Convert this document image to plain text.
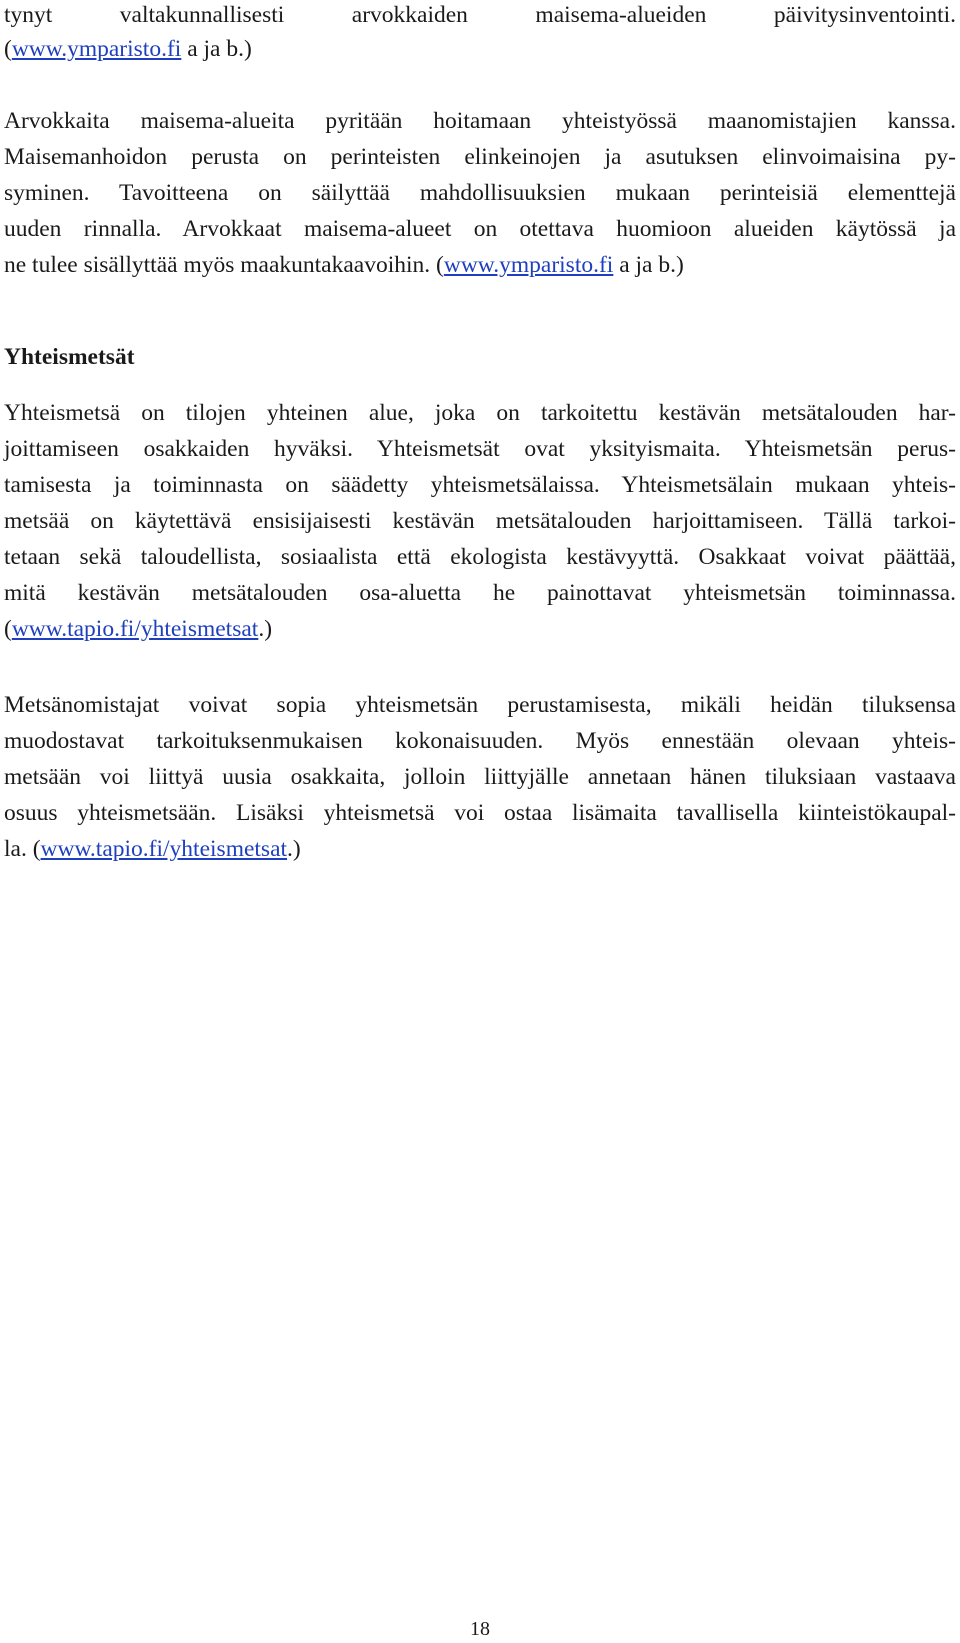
tynyt valtakunnallisesti arvokkaiden maisema-alueiden päivitysinventointi.

(www.ymparisto.fi a ja b.)

Arvokkaita maisema-alueita pyritään hoitamaan yhteistyössä maanomistajien kanssa.

Maisemanhoidon perusta on perinteisten elinkeinojen ja asutuksen elinvoimaisina py-

syminen. Tavoitteena on säilyttää mahdollisuuksien mukaan perinteisiä elementtejä

uuden rinnalla. Arvokkaat maisema-alueet on otettava huomioon alueiden käytössä ja

ne tulee sisällyttää myös maakuntakaavoihin. (www.ymparisto.fi a ja b.)

Yhteismetsät

Yhteismetsä on tilojen yhteinen alue, joka on tarkoitettu kestävän metsätalouden har-

joittamiseen osakkaiden hyväksi. Yhteismetsät ovat yksityismaita. Yhteismetsän perus-

tamisesta ja toiminnasta on säädetty yhteismetsälaissa. Yhteismetsälain mukaan yhteis-

metsää on käytettävä ensisijaisesti kestävän metsätalouden harjoittamiseen. Tällä tarkoi-

tetaan sekä taloudellista, sosiaalista että ekologista kestävyyttä. Osakkaat voivat päättää,

mitä kestävän metsätalouden osa-aluetta he painottavat yhteismetsän toiminnassa.

(www.tapio.fi/yhteismetsat.)

Metsänomistajat voivat sopia yhteismetsän perustamisesta, mikäli heidän tiluksensa

muodostavat tarkoituksenmukaisen kokonaisuuden. Myös ennestään olevaan yhteis-

metsään voi liittyä uusia osakkaita, jolloin liittyjälle annetaan hänen tiluksiaan vastaava

osuus yhteismetsään. Lisäksi yhteismetsä voi ostaa lisämaita tavallisella kiinteistökaupal-

la. (www.tapio.fi/yhteismetsat.)

18
